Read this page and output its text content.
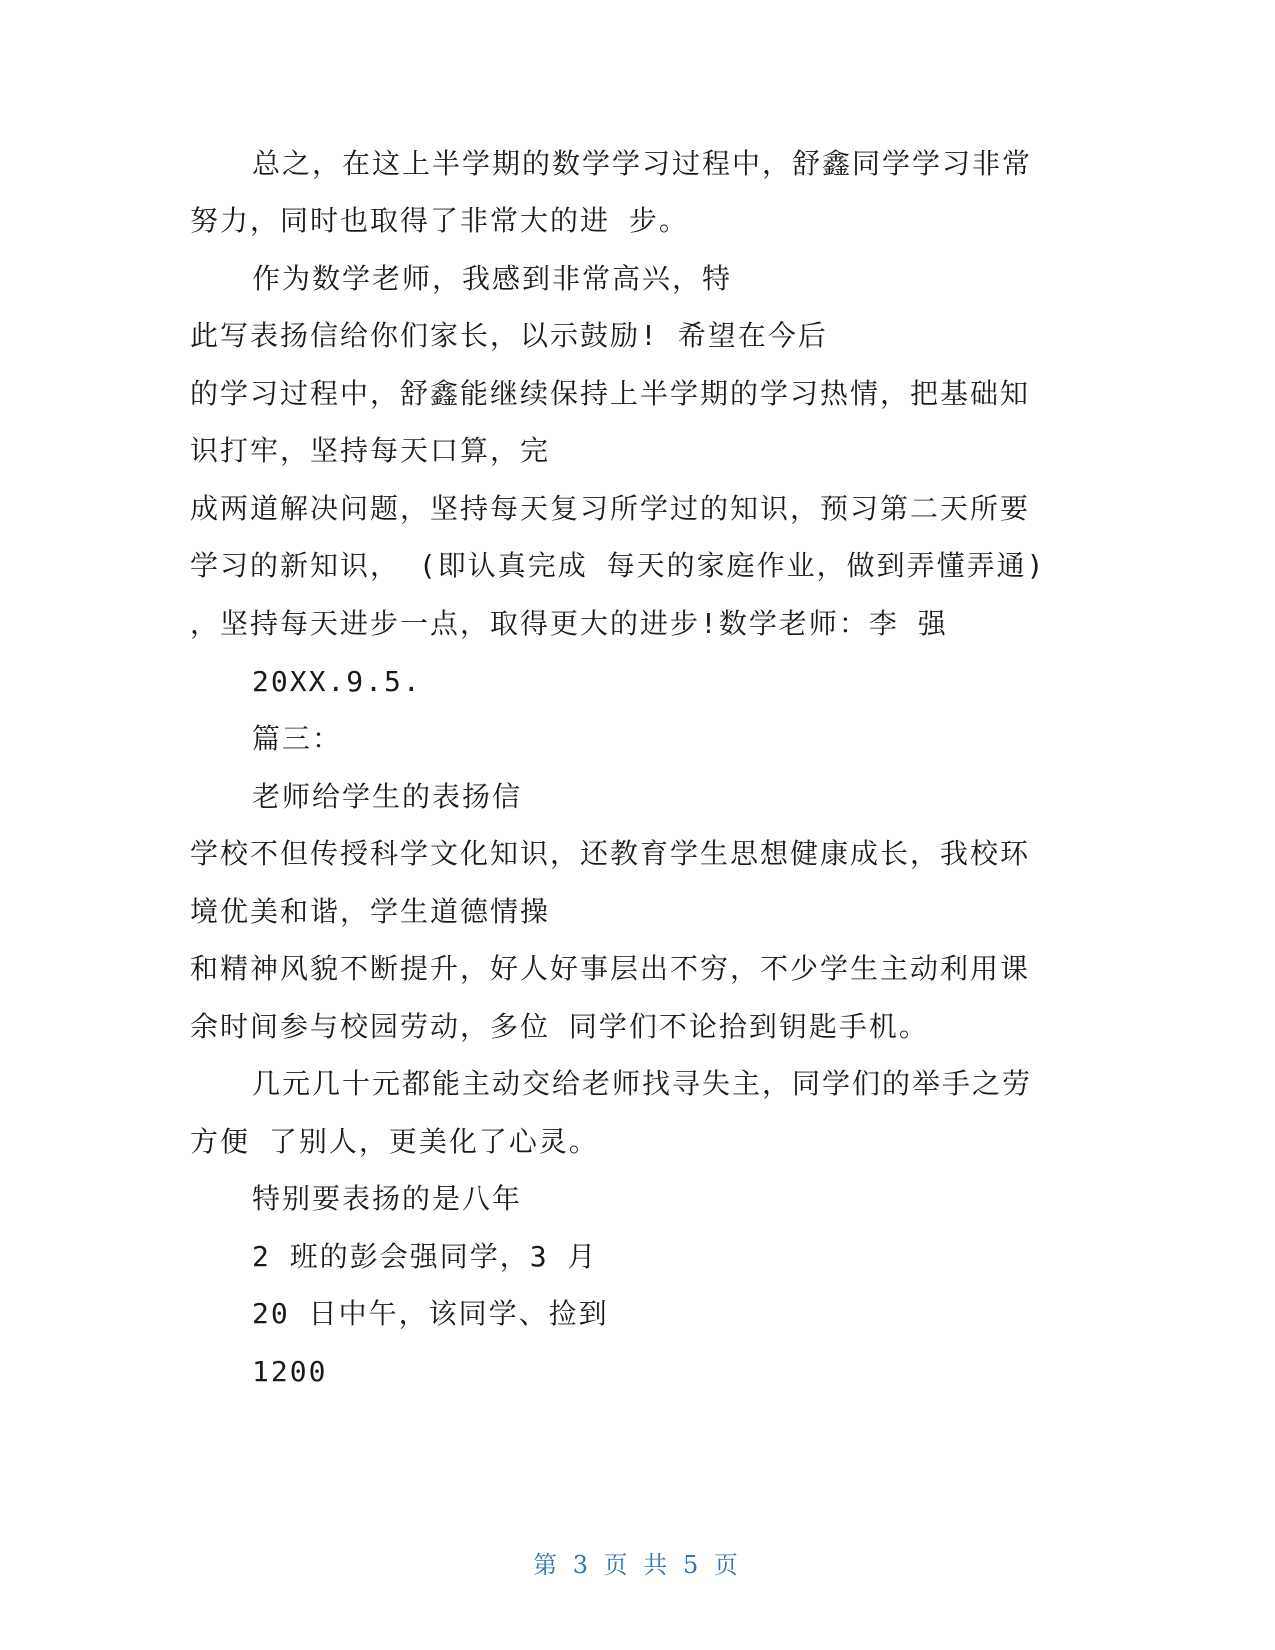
总之，在这上半学期的数学学习过程中，舒鑫同学学习非常
努力，同时也取得了非常大的进 步。
作为数学老师，我感到非常高兴，特
此写表扬信给你们家长，以示鼓励! 希望在今后
的学习过程中，舒鑫能继续保持上半学期的学习热情，把基础知
识打牢，坚持每天口算，完
成两道解决问题，坚持每天复习所学过的知识，预习第二天所要
学习的新知识， (即认真完成 每天的家庭作业，做到弄懂弄通)
，坚持每天进步一点，取得更大的进步!数学老师：李 强
20XX.9.5.
篇三：
老师给学生的表扬信
学校不但传授科学文化知识，还教育学生思想健康成长，我校环
境优美和谐，学生道德情操
和精神风貌不断提升，好人好事层出不穷，不少学生主动利用课
余时间参与校园劳动，多位 同学们不论拾到钥匙手机。
几元几十元都能主动交给老师找寻失主，同学们的举手之劳
方便 了别人，更美化了心灵。
特别要表扬的是八年
2 班的彭会强同学，3 月
20 日中午，该同学、捡到
1200
第 3 页 共 5 页
